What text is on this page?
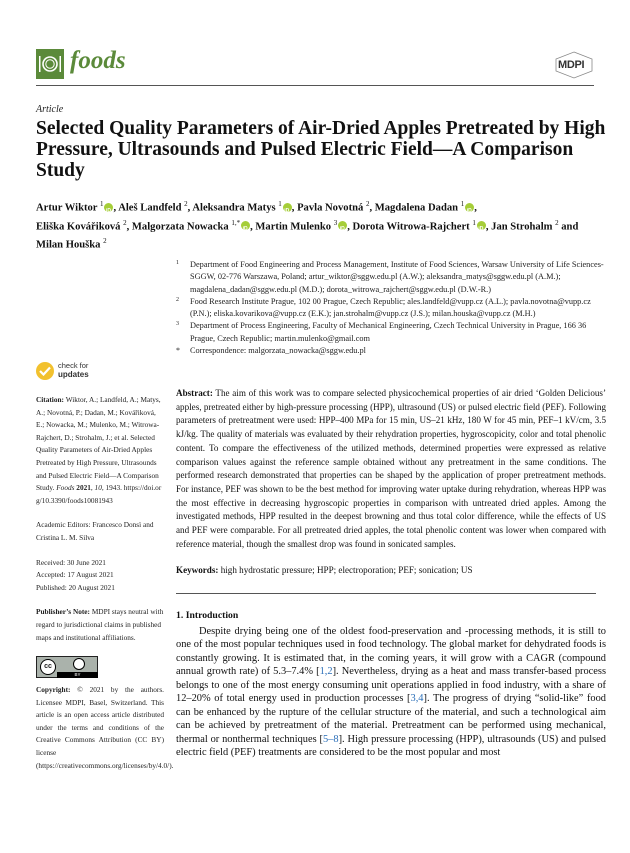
foods	MDPI
Article
Selected Quality Parameters of Air-Dried Apples Pretreated by High Pressure, Ultrasounds and Pulsed Electric Field—A Comparison Study
Artur Wiktor $^1$ iD , Aleš Landfeld $^2$, Aleksandra Matys $^1$ iD , Pavla Novotná $^2$, Magdalena Dadan $^1$ iD ,
Eliška Kovářiková $^2$, Malgorzata Nowacka $^{1,*}$ iD , Martin Mulenko $^3$ iD , Dorota Witrowa-Rajchert $^1$ iD , Jan Strohalm $^2$ and
Milan Houška $^2$
1 Department of Food Engineering and Process Management, Institute of Food Sciences, Warsaw University of Life Sciences-SGGW, 02-776 Warszawa, Poland; artur_wiktor@sggw.edu.pl (A.W.); aleksandra_matys@sggw.edu.pl (A.M.); magdalena_dadan@sggw.edu.pl (M.D.); dorota_witrowa_rajchert@sggw.edu.pl (D.W.-R.)
2 Food Research Institute Prague, 102 00 Prague, Czech Republic; ales.landfeld@vupp.cz (A.L.); pavla.novotna@vupp.cz (P.N.); eliska.kovarikova@vupp.cz (E.K.); jan.strohalm@vupp.cz (J.S.); milan.houska@vupp.cz (M.H.)
3 Department of Process Engineering, Faculty of Mechanical Engineering, Czech Technical University in Prague, 166 36 Prague, Czech Republic; martin.mulenko@gmail.com
* Correspondence: malgorzata_nowacka@sggw.edu.pl
check for
updates
Citation: Wiktor, A.; Landfeld, A.; Matys, A.; Novotná, P.; Dadan, M.; Kovářiková, E.; Nowacka, M.; Mulenko, M.; Witrowa-Rajchert, D.; Strohalm, J.; et al. Selected Quality Parameters of Air-Dried Apples Pretreated by High Pressure, Ultrasounds and Pulsed Electric Field—A Comparison Study. Foods 2021, 10, 1943. https://doi.org/10.3390/foods10081943
Academic Editors: Francesco Donsì and Cristina L. M. Silva
Received: 30 June 2021
Accepted: 17 August 2021
Published: 20 August 2021
Publisher’s Note: MDPI stays neutral with regard to jurisdictional claims in published maps and institutional affiliations.
cc
BY
Copyright: © 2021 by the authors. Licensee MDPI, Basel, Switzerland. This article is an open access article distributed under the terms and conditions of the Creative Commons Attribution (CC BY) license (https://creativecommons.org/licenses/by/4.0/).

Abstract: The aim of this work was to compare selected physicochemical properties of air dried ‘Golden Delicious’ apples, pretreated either by high-pressure processing (HPP), ultrasound (US) or pulsed electric field (PEF). Following parameters of pretreatment were used: HPP–400 MPa for 15 min, US–21 kHz, 180 W for 45 min, PEF–1 kV/cm, 3.5 kJ/kg. The quality of materials was evaluated by their rehydration properties, hygroscopicity, color and total phenolic content. To compare the effectiveness of the utilized methods, determined properties were expressed as relative comparison values against the reference sample obtained without any pretreatment in the same conditions. The performed research demonstrated that properties can be shaped by the application of proper pretreatment methods. For instance, PEF was shown to be the best method for improving water uptake during rehydration, whereas HPP was the most effective in decreasing hygroscopic properties in comparison with untreated dried apples. Among the investigated methods, HPP resulted in the deepest browning and thus total color difference, while the effects of US and PEF were comparable. For all pretreated dried apples, the total phenolic content was lower when compared with reference material, though the smallest drop was found in sonicated samples.

Keywords: high hydrostatic pressure; HPP; electroporation; PEF; sonication; US

1. Introduction

Despite drying being one of the oldest food-preservation and -processing methods, it is still to one of the most popular techniques used in food technology. The global market for dehydrated foods is constantly growing. It is estimated that, in the coming years, it will grow with a CAGR (compound annual growth rate) of 5.3–7.4% [1,2]. Nevertheless, drying as a heat and mass transfer-based process belongs to one of the most energy consuming unit operations applied in food industry, with a share of 12–20% of total energy used in production processes [3,4]. The progress of drying “solid-like” food can be enhanced by the rupture of the cellular structure of the material, and such a technological aim can be achieved by pretreatment of the material. Pretreatment can be performed using mechanical, thermal or nonthermal techniques [5–8]. High pressure processing (HPP), ultrasounds (US) and pulsed electric field (PEF) treatments are considered to be the most popular and most
